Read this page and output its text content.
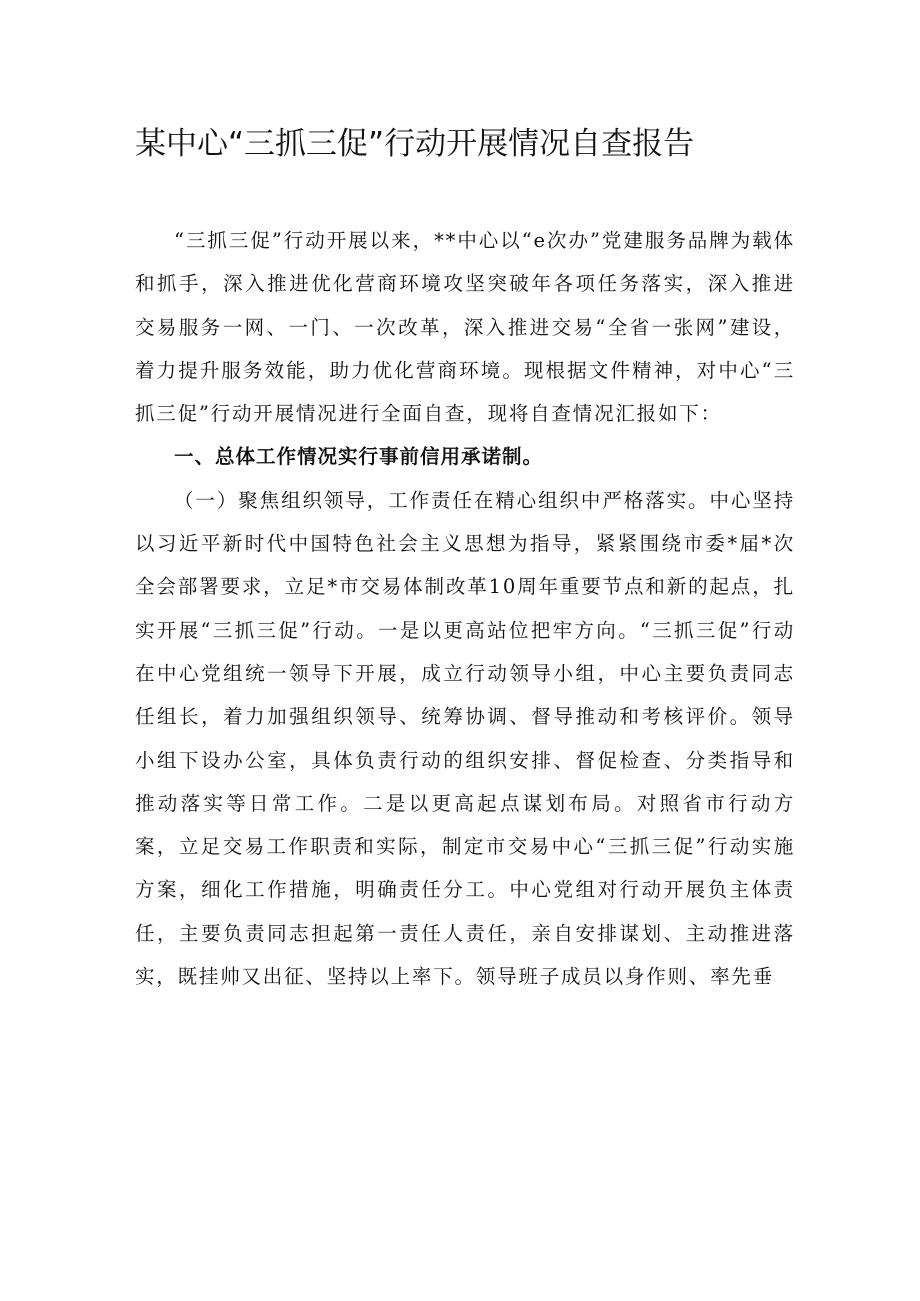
某中心“三抓三促”行动开展情况自查报告

“三抓三促”行动开展以来，**中心以“e次办”党建服务品牌为载体和抓手，深入推进优化营商环境攻坚突破年各项任务落实，深入推进交易服务一网、一门、一次改革，深入推进交易“全省一张网”建设，着力提升服务效能，助力优化营商环境。现根据文件精神，对中心“三抓三促”行动开展情况进行全面自查，现将自查情况汇报如下：

一、总体工作情况实行事前信用承诺制。

（一）聚焦组织领导，工作责任在精心组织中严格落实。中心坚持以习近平新时代中国特色社会主义思想为指导，紧紧围绕市委*届*次全会部署要求，立足*市交易体制改革10周年重要节点和新的起点，扎实开展“三抓三促”行动。一是以更高站位把牢方向。“三抓三促”行动在中心党组统一领导下开展，成立行动领导小组，中心主要负责同志任组长，着力加强组织领导、统筹协调、督导推动和考核评价。领导小组下设办公室，具体负责行动的组织安排、督促检查、分类指导和推动落实等日常工作。二是以更高起点谋划布局。对照省市行动方案，立足交易工作职责和实际，制定市交易中心“三抓三促”行动实施方案，细化工作措施，明确责任分工。中心党组对行动开展负主体责任，主要负责同志担起第一责任人责任，亲自安排谋划、主动推进落实，既挂帅又出征、坚持以上率下。领导班子成员以身作则、率先垂
